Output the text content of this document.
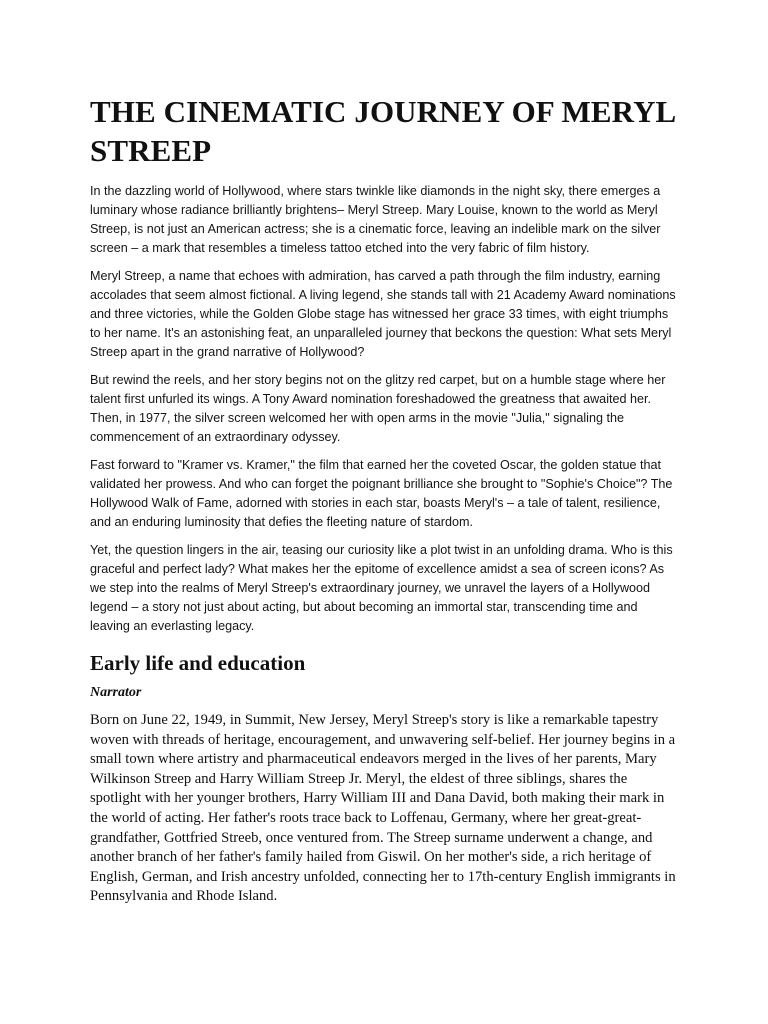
THE CINEMATIC JOURNEY OF MERYL STREEP

In the dazzling world of Hollywood, where stars twinkle like diamonds in the night sky, there emerges a luminary whose radiance brilliantly brightens– Meryl Streep. Mary Louise, known to the world as Meryl Streep, is not just an American actress; she is a cinematic force, leaving an indelible mark on the silver screen – a mark that resembles a timeless tattoo etched into the very fabric of film history.

Meryl Streep, a name that echoes with admiration, has carved a path through the film industry, earning accolades that seem almost fictional. A living legend, she stands tall with 21 Academy Award nominations and three victories, while the Golden Globe stage has witnessed her grace 33 times, with eight triumphs to her name. It's an astonishing feat, an unparalleled journey that beckons the question: What sets Meryl Streep apart in the grand narrative of Hollywood?

But rewind the reels, and her story begins not on the glitzy red carpet, but on a humble stage where her talent first unfurled its wings. A Tony Award nomination foreshadowed the greatness that awaited her. Then, in 1977, the silver screen welcomed her with open arms in the movie "Julia," signaling the commencement of an extraordinary odyssey.

Fast forward to "Kramer vs. Kramer," the film that earned her the coveted Oscar, the golden statue that validated her prowess. And who can forget the poignant brilliance she brought to "Sophie's Choice"? The Hollywood Walk of Fame, adorned with stories in each star, boasts Meryl's – a tale of talent, resilience, and an enduring luminosity that defies the fleeting nature of stardom.

Yet, the question lingers in the air, teasing our curiosity like a plot twist in an unfolding drama. Who is this graceful and perfect lady? What makes her the epitome of excellence amidst a sea of screen icons? As we step into the realms of Meryl Streep's extraordinary journey, we unravel the layers of a Hollywood legend – a story not just about acting, but about becoming an immortal star, transcending time and leaving an everlasting legacy.

Early life and education
Narrator

Born on June 22, 1949, in Summit, New Jersey, Meryl Streep's story is like a remarkable tapestry woven with threads of heritage, encouragement, and unwavering self-belief. Her journey begins in a small town where artistry and pharmaceutical endeavors merged in the lives of her parents, Mary Wilkinson Streep and Harry William Streep Jr. Meryl, the eldest of three siblings, shares the spotlight with her younger brothers, Harry William III and Dana David, both making their mark in the world of acting. Her father's roots trace back to Loffenau, Germany, where her great-great-grandfather, Gottfried Streeb, once ventured from. The Streep surname underwent a change, and another branch of her father's family hailed from Giswil. On her mother's side, a rich heritage of English, German, and Irish ancestry unfolded, connecting her to 17th-century English immigrants in Pennsylvania and Rhode Island.
